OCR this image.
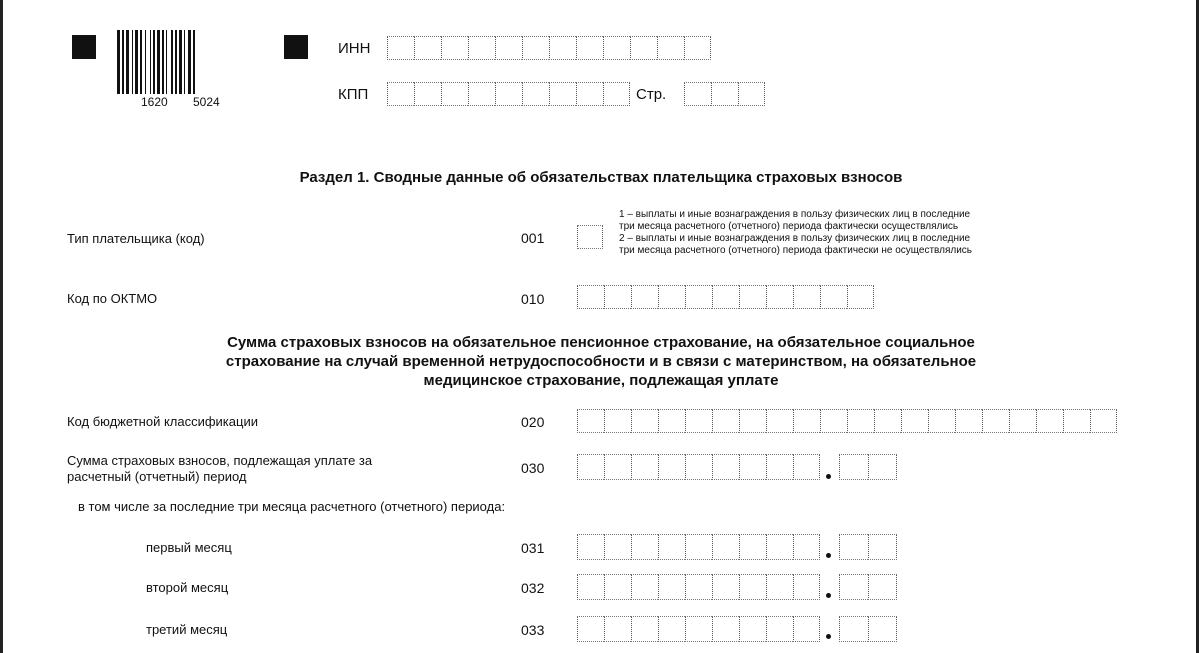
1620 5024
ИНН
КПП	Стр.
Раздел 1. Сводные данные об обязательствах плательщика страховых взносов
Тип плательщика (код)	001
1 – выплаты и иные вознаграждения в пользу физических лиц в последние
три месяца расчетного (отчетного) периода фактически осуществлялись
2 – выплаты и иные вознаграждения в пользу физических лиц в последние
три месяца расчетного (отчетного) периода фактически не осуществлялись
Код по ОКТМО	010
Сумма страховых взносов на обязательное пенсионное страхование, на обязательное социальное
страхование на случай временной нетрудоспособности и в связи с материнством, на обязательное
медицинское страхование, подлежащая уплате
Код бюджетной классификации	020
Сумма страховых взносов, подлежащая уплате за
расчетный (отчетный) период
030
в том числе за последние три месяца расчетного (отчетного) периода:
первый месяц	031
второй месяц	032
третий месяц	033
